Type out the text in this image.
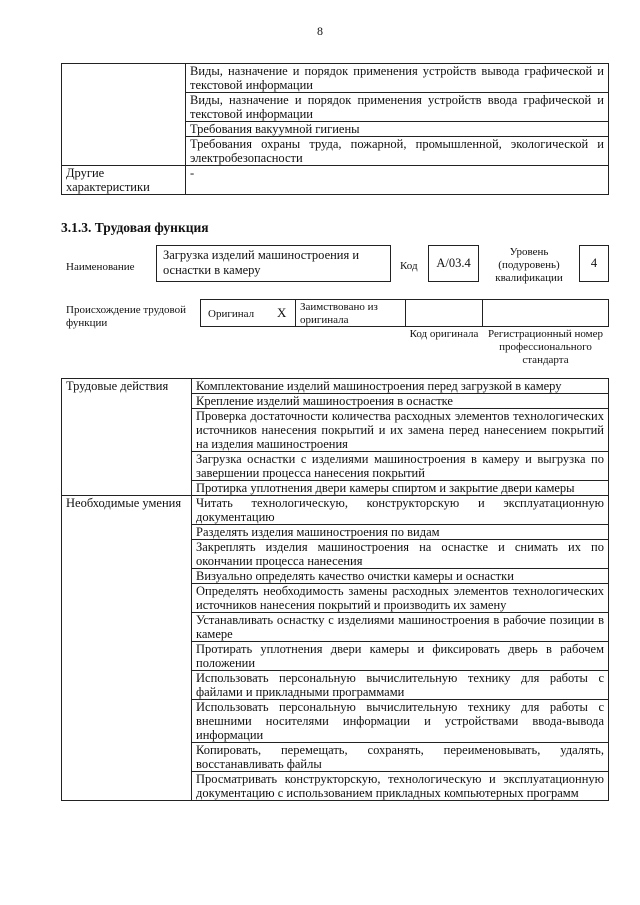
8
	Виды, назначение и порядок применения устройств вывода графической и текстовой информации
	Виды, назначение и порядок применения устройств ввода графической и текстовой информации
	Требования вакуумной гигиены
	Требования охраны труда, пожарной, промышленной, экологической и электробезопасности
Другие характеристики	-
3.1.3. Трудовая функция
Наименование
Загрузка изделий машиностроения и оснастки в камеру	Код	А/03.4
Уровень (подуровень) квалификации
4
Происхождение трудовой функции
Оригинал X	Заимствовано из оригинала
Код оригинала Регистрационный номер профессионального стандарта
Трудовые действия	Комплектование изделий машиностроения перед загрузкой в камеру
	Крепление изделий машиностроения в оснастке
	Проверка достаточности количества расходных элементов технологических источников нанесения покрытий и их замена перед нанесением покрытий на изделия машиностроения
	Загрузка оснастки с изделиями машиностроения в камеру и выгрузка по завершении процесса нанесения покрытий
	Протирка уплотнения двери камеры спиртом и закрытие двери камеры
Необходимые умения	Читать технологическую, конструкторскую и эксплуатационную документацию
	Разделять изделия машиностроения по видам
	Закреплять изделия машиностроения на оснастке и снимать их по окончании процесса нанесения
	Визуально определять качество очистки камеры и оснастки
	Определять необходимость замены расходных элементов технологических источников нанесения покрытий и производить их замену
	Устанавливать оснастку с изделиями машиностроения в рабочие позиции в камере
	Протирать уплотнения двери камеры и фиксировать дверь в рабочем положении
	Использовать персональную вычислительную технику для работы с файлами и прикладными программами
	Использовать персональную вычислительную технику для работы с внешними носителями информации и устройствами ввода-вывода информации
	Копировать, перемещать, сохранять, переименовывать, удалять, восстанавливать файлы
	Просматривать конструкторскую, технологическую и эксплуатационную документацию с использованием прикладных компьютерных программ
